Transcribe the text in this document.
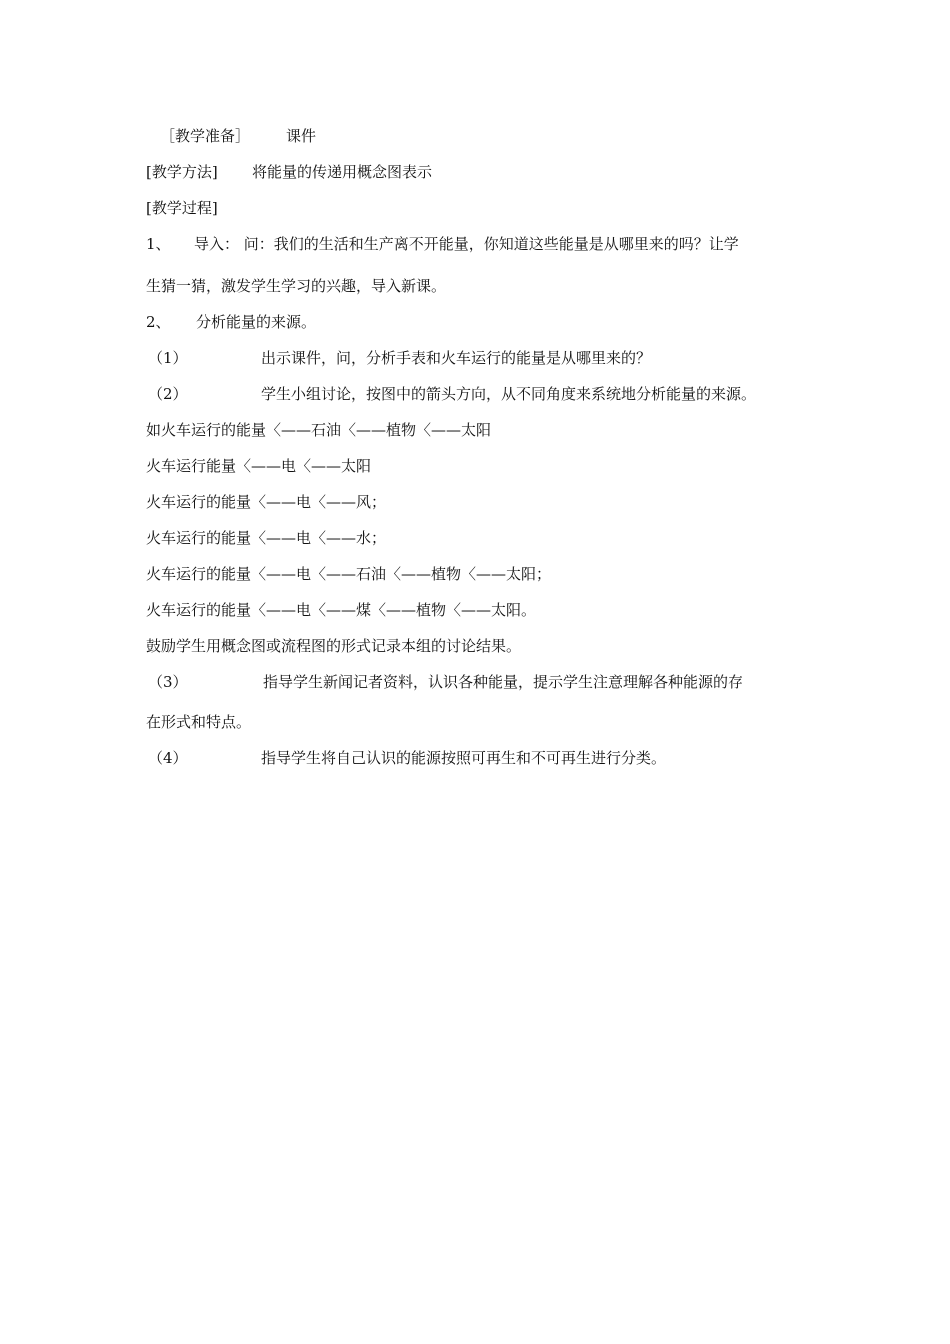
［教学准备］ 课件
[教学方法] 将能量的传递用概念图表示
[教学过程]
1、 导入： 问：我们的生活和生产离不开能量，你知道这些能量是从哪里来的吗？让学
生猜一猜，激发学生学习的兴趣，导入新课。
2、 分析能量的来源。
（1）	出示课件，问，分析手表和火车运行的能量是从哪里来的？
（2）	学生小组讨论，按图中的箭头方向，从不同角度来系统地分析能量的来源。
如火车运行的能量〈——石油〈——植物〈——太阳
火车运行能量〈——电〈——太阳
火车运行的能量〈——电〈——风；
火车运行的能量〈——电〈——水；
火车运行的能量〈——电〈——石油〈——植物〈——太阳；
火车运行的能量〈——电〈——煤〈——植物〈——太阳。
鼓励学生用概念图或流程图的形式记录本组的讨论结果。
（3）	指导学生新闻记者资料，认识各种能量，提示学生注意理解各种能源的存
在形式和特点。
（4）	指导学生将自己认识的能源按照可再生和不可再生进行分类。
